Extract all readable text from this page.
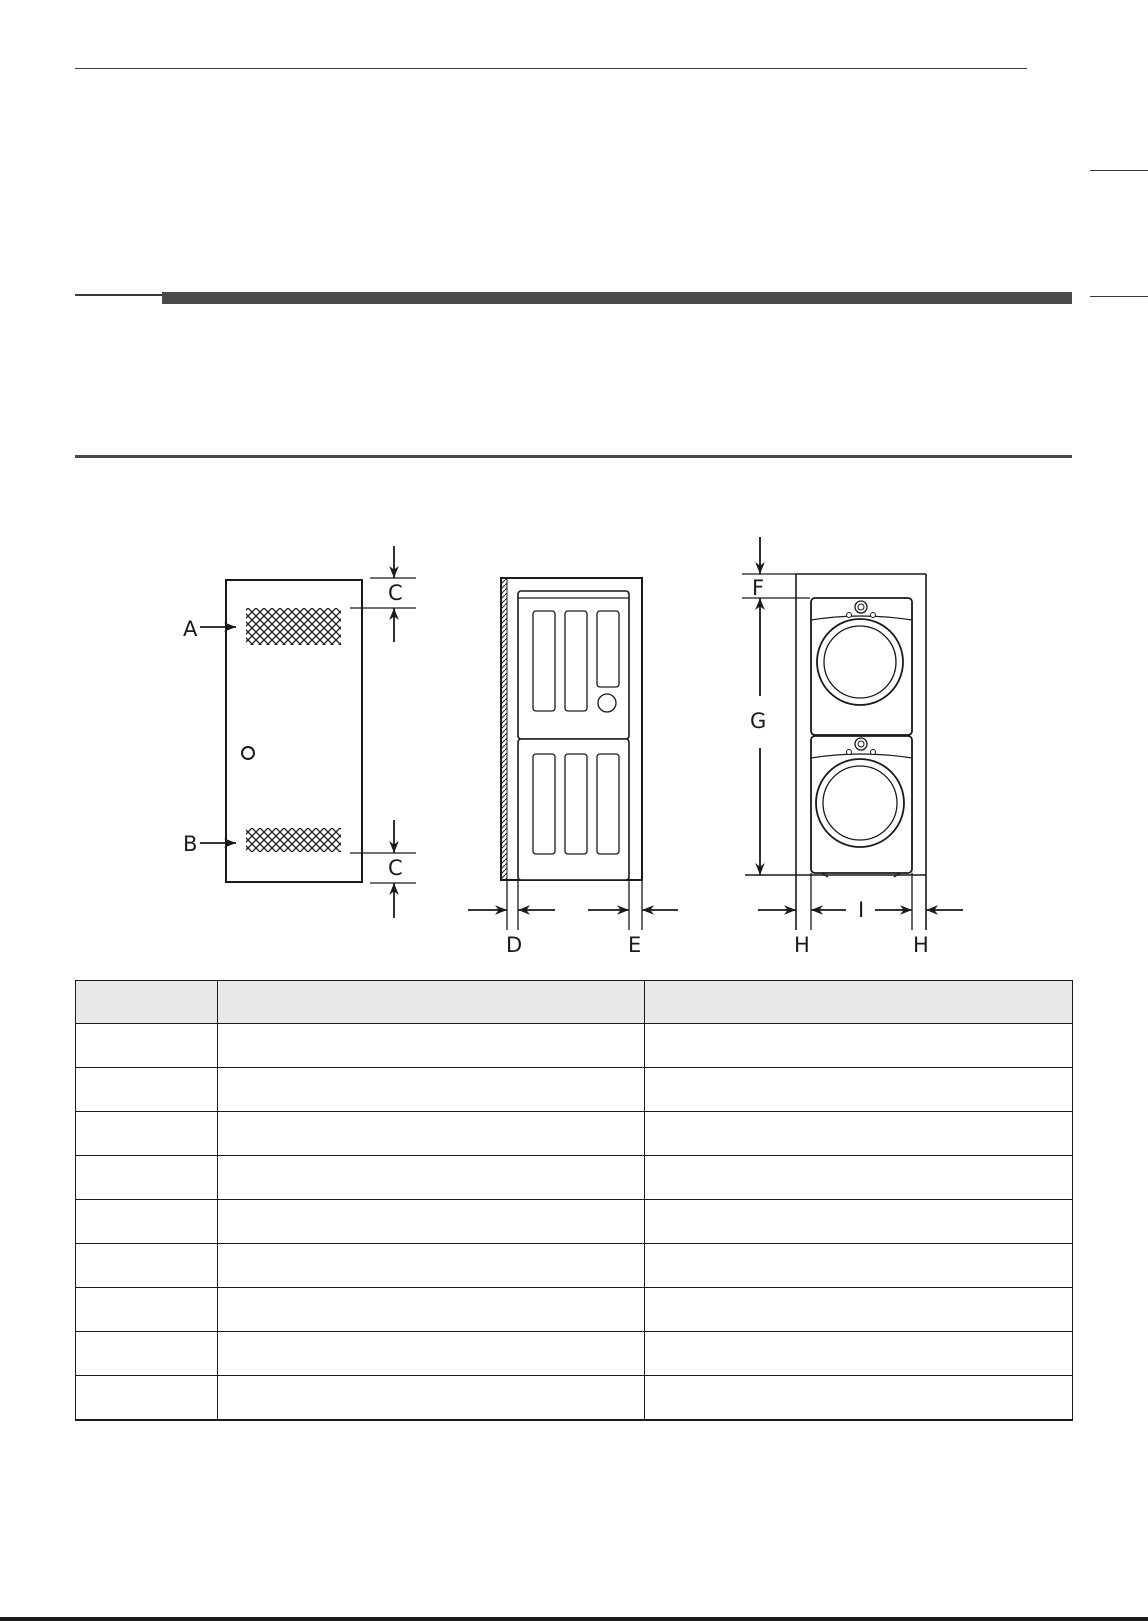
A
B
C
C
D	E
F
G
H
I
H
